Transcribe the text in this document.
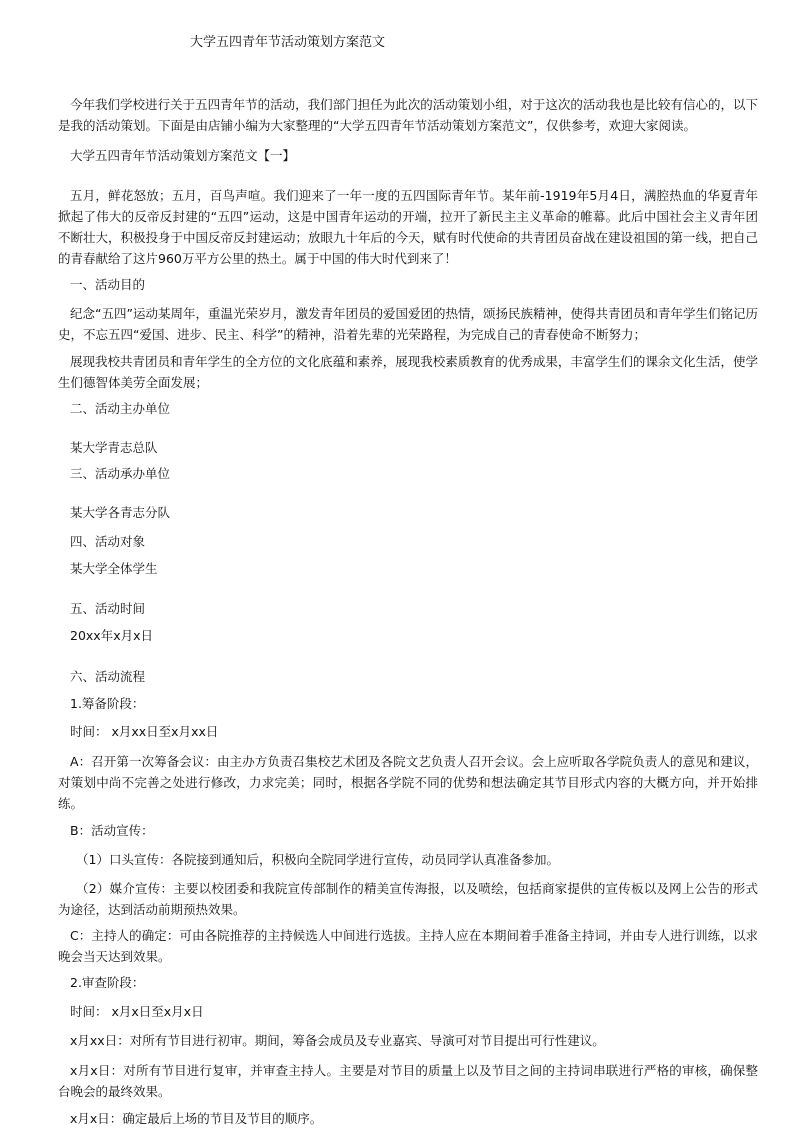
大学五四青年节活动策划方案范文

今年我们学校进行关于五四青年节的活动，我们部门担任为此次的活动策划小组，对于这次的活动我也是比较有信心的，以下是我的活动策划。下面是由店铺小编为大家整理的“大学五四青年节活动策划方案范文”，仅供参考，欢迎大家阅读。

大学五四青年节活动策划方案范文【一】

五月，鲜花怒放；五月，百鸟声喧。我们迎来了一年一度的五四国际青年节。某年前-1919年5月4日，满腔热血的华夏青年掀起了伟大的反帝反封建的“五四”运动，这是中国青年运动的开端，拉开了新民主主义革命的帷幕。此后中国社会主义青年团不断壮大，积极投身于中国反帝反封建运动；放眼九十年后的今天，赋有时代使命的共青团员奋战在建设祖国的第一线，把自己的青春献给了这片960万平方公里的热土。属于中国的伟大时代到来了！

一、活动目的

纪念“五四”运动某周年，重温光荣岁月，激发青年团员的爱国爱团的热情，颂扬民族精神，使得共青团员和青年学生们铭记历史，不忘五四“爱国、进步、民主、科学”的精神，沿着先辈的光荣路程，为完成自己的青春使命不断努力；

展现我校共青团员和青年学生的全方位的文化底蕴和素养，展现我校素质教育的优秀成果，丰富学生们的课余文化生活，使学生们德智体美劳全面发展；

二、活动主办单位

某大学青志总队

三、活动承办单位

某大学各青志分队

四、活动对象

某大学全体学生

五、活动时间

20xx年x月x日

六、活动流程

1.筹备阶段：

时间： x月xx日至x月xx日

A：召开第一次筹备会议：由主办方负责召集校艺术团及各院文艺负责人召开会议。会上应听取各学院负责人的意见和建议，对策划中尚不完善之处进行修改，力求完美；同时，根据各学院不同的优势和想法确定其节目形式内容的大概方向，并开始排练。

B：活动宣传：

（1）口头宣传：各院接到通知后，积极向全院同学进行宣传，动员同学认真准备参加。

（2）媒介宣传：主要以校团委和我院宣传部制作的精美宣传海报，以及喷绘，包括商家提供的宣传板以及网上公告的形式为途径，达到活动前期预热效果。

C：主持人的确定：可由各院推荐的主持候选人中间进行选拔。主持人应在本期间着手准备主持词，并由专人进行训练，以求晚会当天达到效果。

2.审查阶段：

时间： x月x日至x月x日

x月xx日：对所有节目进行初审。期间，筹备会成员及专业嘉宾、导演可对节目提出可行性建议。

x月x日：对所有节目进行复审，并审查主持人。主要是对节目的质量上以及节目之间的主持词串联进行严格的审核，确保整台晚会的最终效果。

x月x日：确定最后上场的节目及节目的顺序。
